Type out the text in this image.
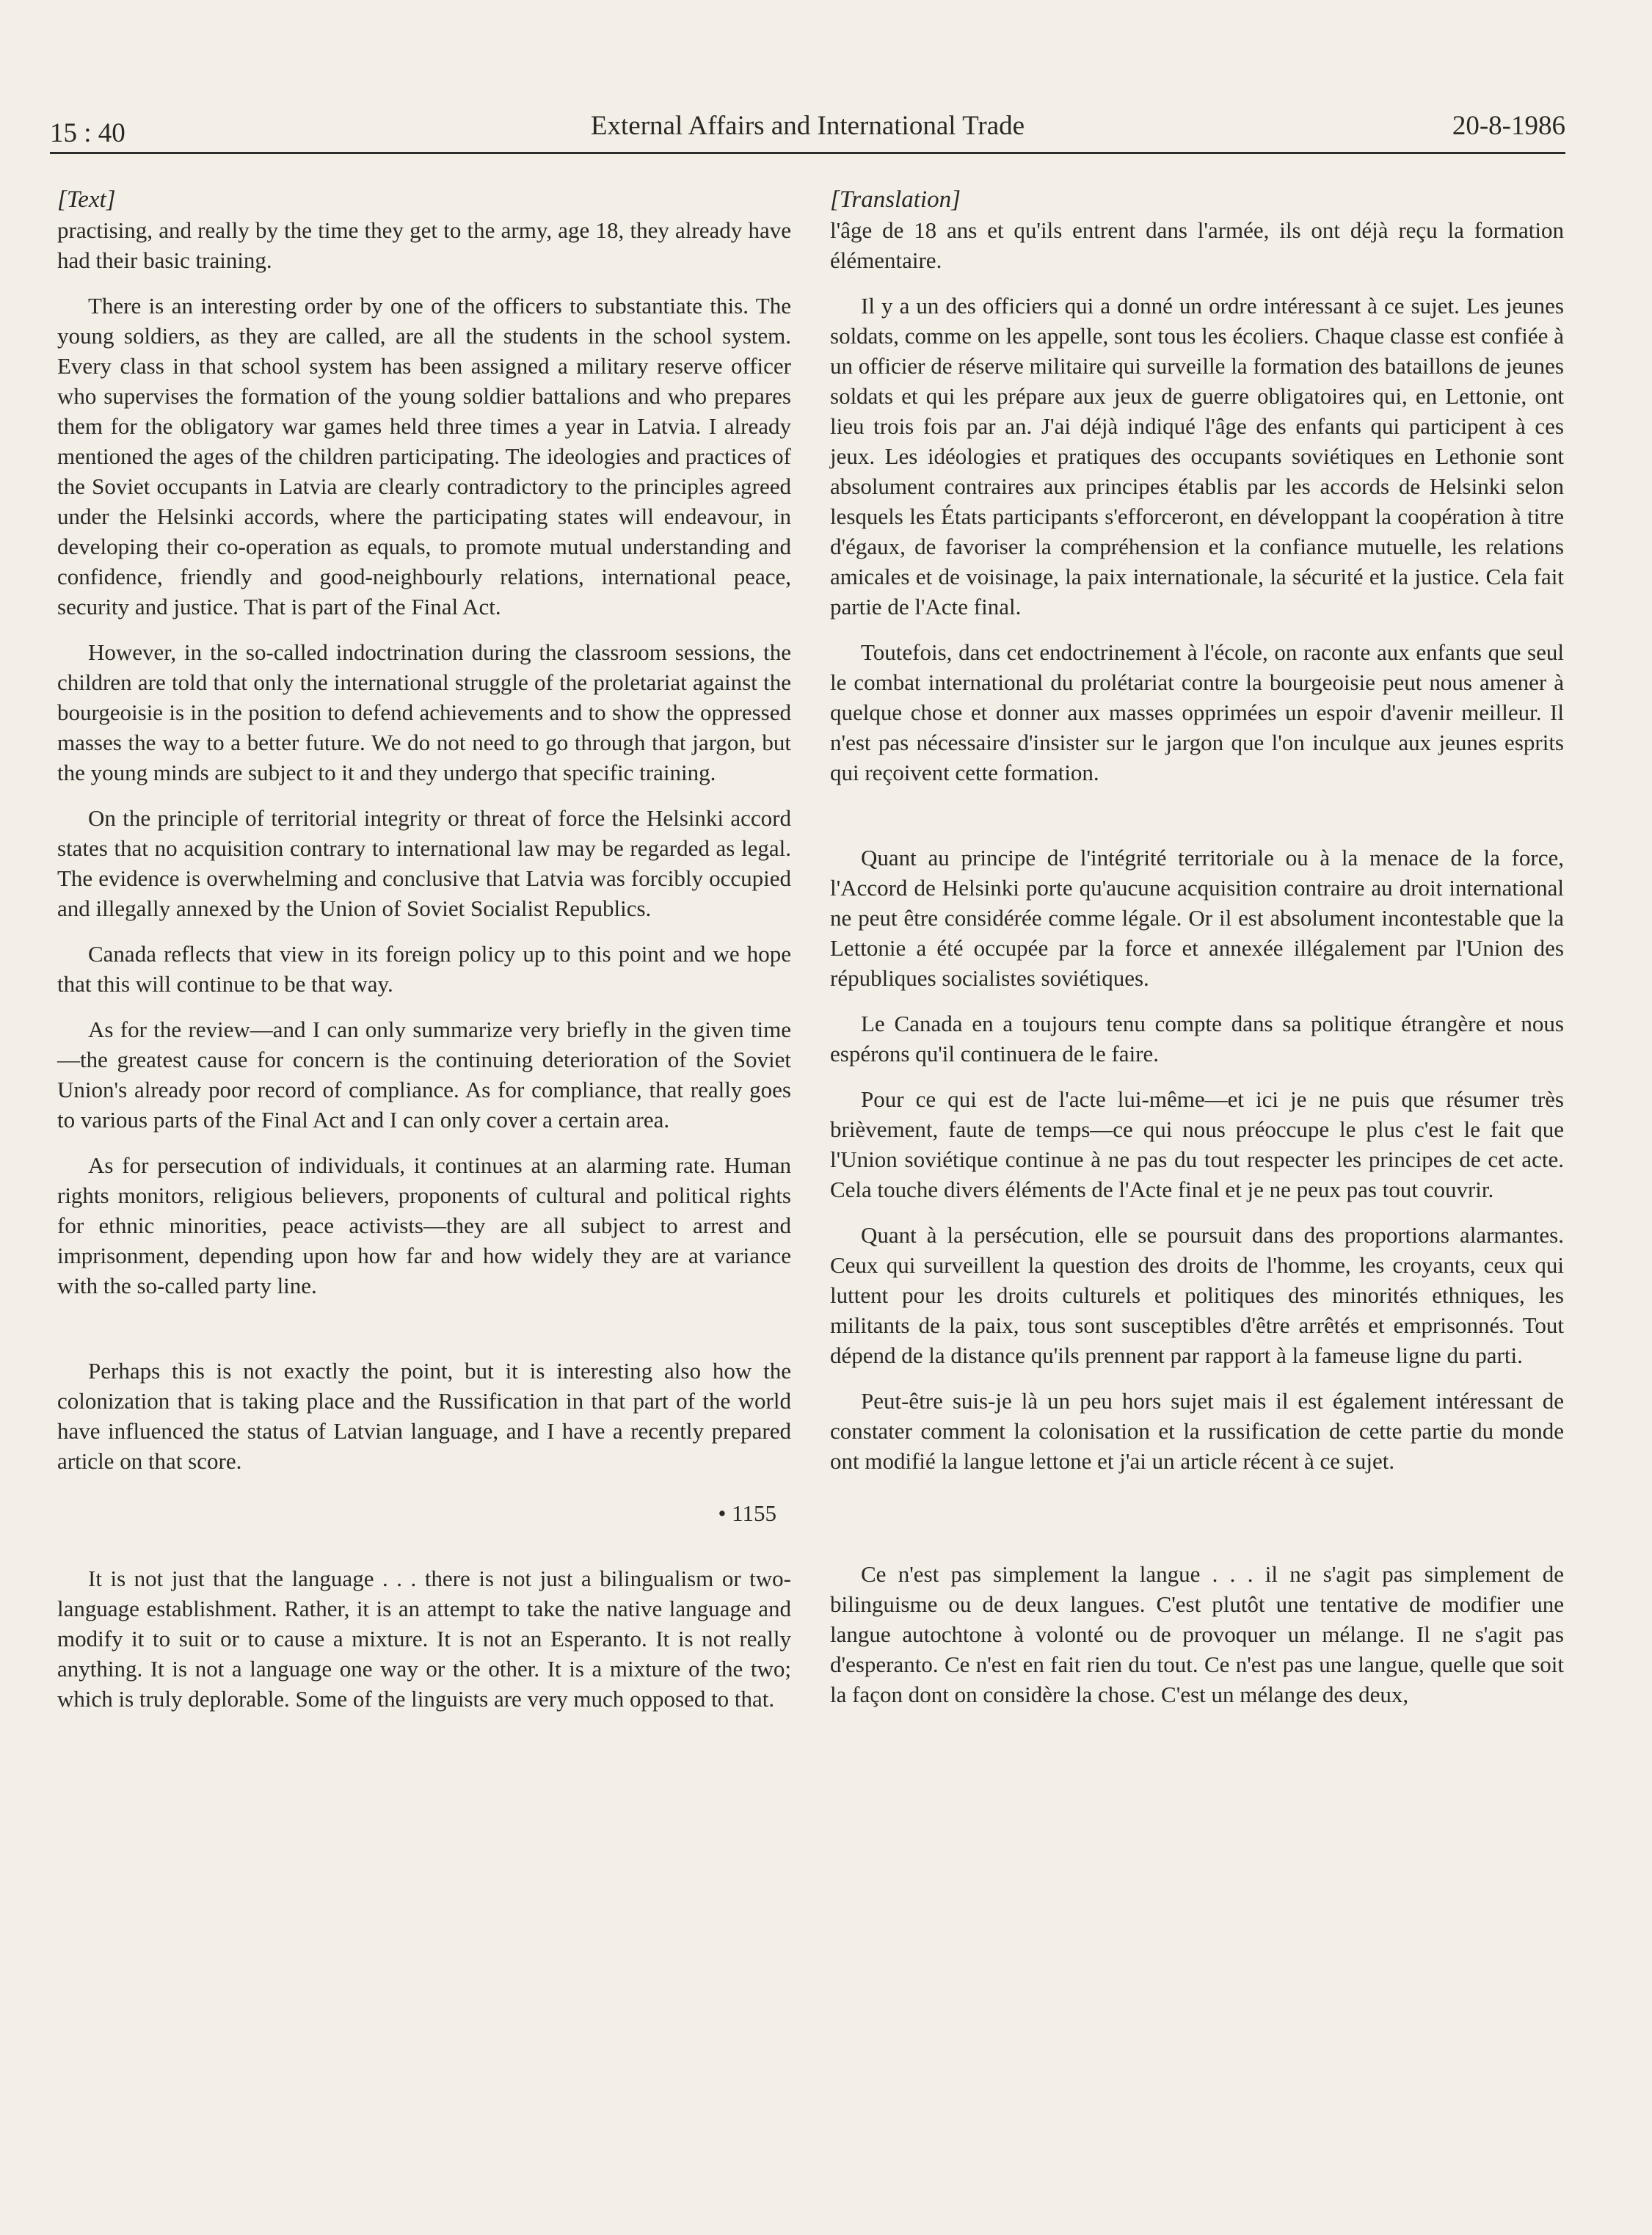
15 : 40	External Affairs and International Trade	20-8-1986
[Text]

practising, and really by the time they get to the army, age 18, they already have had their basic training.

There is an interesting order by one of the officers to substantiate this. The young soldiers, as they are called, are all the students in the school system. Every class in that school system has been assigned a military reserve officer who supervises the formation of the young soldier battalions and who prepares them for the obligatory war games held three times a year in Latvia. I already mentioned the ages of the children participating. The ideologies and practices of the Soviet occupants in Latvia are clearly contradictory to the principles agreed under the Helsinki accords, where the participating states will endeavour, in developing their co-operation as equals, to promote mutual understanding and confidence, friendly and good-neighbourly relations, international peace, security and justice. That is part of the Final Act.

However, in the so-called indoctrination during the classroom sessions, the children are told that only the international struggle of the proletariat against the bourgeoisie is in the position to defend achievements and to show the oppressed masses the way to a better future. We do not need to go through that jargon, but the young minds are subject to it and they undergo that specific training.

On the principle of territorial integrity or threat of force the Helsinki accord states that no acquisition contrary to international law may be regarded as legal. The evidence is overwhelming and conclusive that Latvia was forcibly occupied and illegally annexed by the Union of Soviet Socialist Republics.

Canada reflects that view in its foreign policy up to this point and we hope that this will continue to be that way.

As for the review—and I can only summarize very briefly in the given time—the greatest cause for concern is the continuing deterioration of the Soviet Union's already poor record of compliance. As for compliance, that really goes to various parts of the Final Act and I can only cover a certain area.

As for persecution of individuals, it continues at an alarming rate. Human rights monitors, religious believers, proponents of cultural and political rights for ethnic minorities, peace activists—they are all subject to arrest and imprisonment, depending upon how far and how widely they are at variance with the so-called party line.

Perhaps this is not exactly the point, but it is interesting also how the colonization that is taking place and the Russification in that part of the world have influenced the status of Latvian language, and I have a recently prepared article on that score.

• 1155

It is not just that the language . . . there is not just a bilingualism or two-language establishment. Rather, it is an attempt to take the native language and modify it to suit or to cause a mixture. It is not an Esperanto. It is not really anything. It is not a language one way or the other. It is a mixture of the two; which is truly deplorable. Some of the linguists are very much opposed to that.

[Translation]

l'âge de 18 ans et qu'ils entrent dans l'armée, ils ont déjà reçu la formation élémentaire.

Il y a un des officiers qui a donné un ordre intéressant à ce sujet. Les jeunes soldats, comme on les appelle, sont tous les écoliers. Chaque classe est confiée à un officier de réserve militaire qui surveille la formation des bataillons de jeunes soldats et qui les prépare aux jeux de guerre obligatoires qui, en Lettonie, ont lieu trois fois par an. J'ai déjà indiqué l'âge des enfants qui participent à ces jeux. Les idéologies et pratiques des occupants soviétiques en Lethonie sont absolument contraires aux principes établis par les accords de Helsinki selon lesquels les États participants s'efforceront, en développant la coopération à titre d'égaux, de favoriser la compréhension et la confiance mutuelle, les relations amicales et de voisinage, la paix internationale, la sécurité et la justice. Cela fait partie de l'Acte final.

Toutefois, dans cet endoctrinement à l'école, on raconte aux enfants que seul le combat international du prolétariat contre la bourgeoisie peut nous amener à quelque chose et donner aux masses opprimées un espoir d'avenir meilleur. Il n'est pas nécessaire d'insister sur le jargon que l'on inculque aux jeunes esprits qui reçoivent cette formation.

Quant au principe de l'intégrité territoriale ou à la menace de la force, l'Accord de Helsinki porte qu'aucune acquisition contraire au droit international ne peut être considérée comme légale. Or il est absolument incontestable que la Lettonie a été occupée par la force et annexée illégalement par l'Union des républiques socialistes soviétiques.

Le Canada en a toujours tenu compte dans sa politique étrangère et nous espérons qu'il continuera de le faire.

Pour ce qui est de l'acte lui-même—et ici je ne puis que résumer très brièvement, faute de temps—ce qui nous préoccupe le plus c'est le fait que l'Union soviétique continue à ne pas du tout respecter les principes de cet acte. Cela touche divers éléments de l'Acte final et je ne peux pas tout couvrir.

Quant à la persécution, elle se poursuit dans des proportions alarmantes. Ceux qui surveillent la question des droits de l'homme, les croyants, ceux qui luttent pour les droits culturels et politiques des minorités ethniques, les militants de la paix, tous sont susceptibles d'être arrêtés et emprisonnés. Tout dépend de la distance qu'ils prennent par rapport à la fameuse ligne du parti.

Peut-être suis-je là un peu hors sujet mais il est également intéressant de constater comment la colonisation et la russification de cette partie du monde ont modifié la langue lettone et j'ai un article récent à ce sujet.

Ce n'est pas simplement la langue . . . il ne s'agit pas simplement de bilinguisme ou de deux langues. C'est plutôt une tentative de modifier une langue autochtone à volonté ou de provoquer un mélange. Il ne s'agit pas d'esperanto. Ce n'est en fait rien du tout. Ce n'est pas une langue, quelle que soit la façon dont on considère la chose. C'est un mélange des deux,
